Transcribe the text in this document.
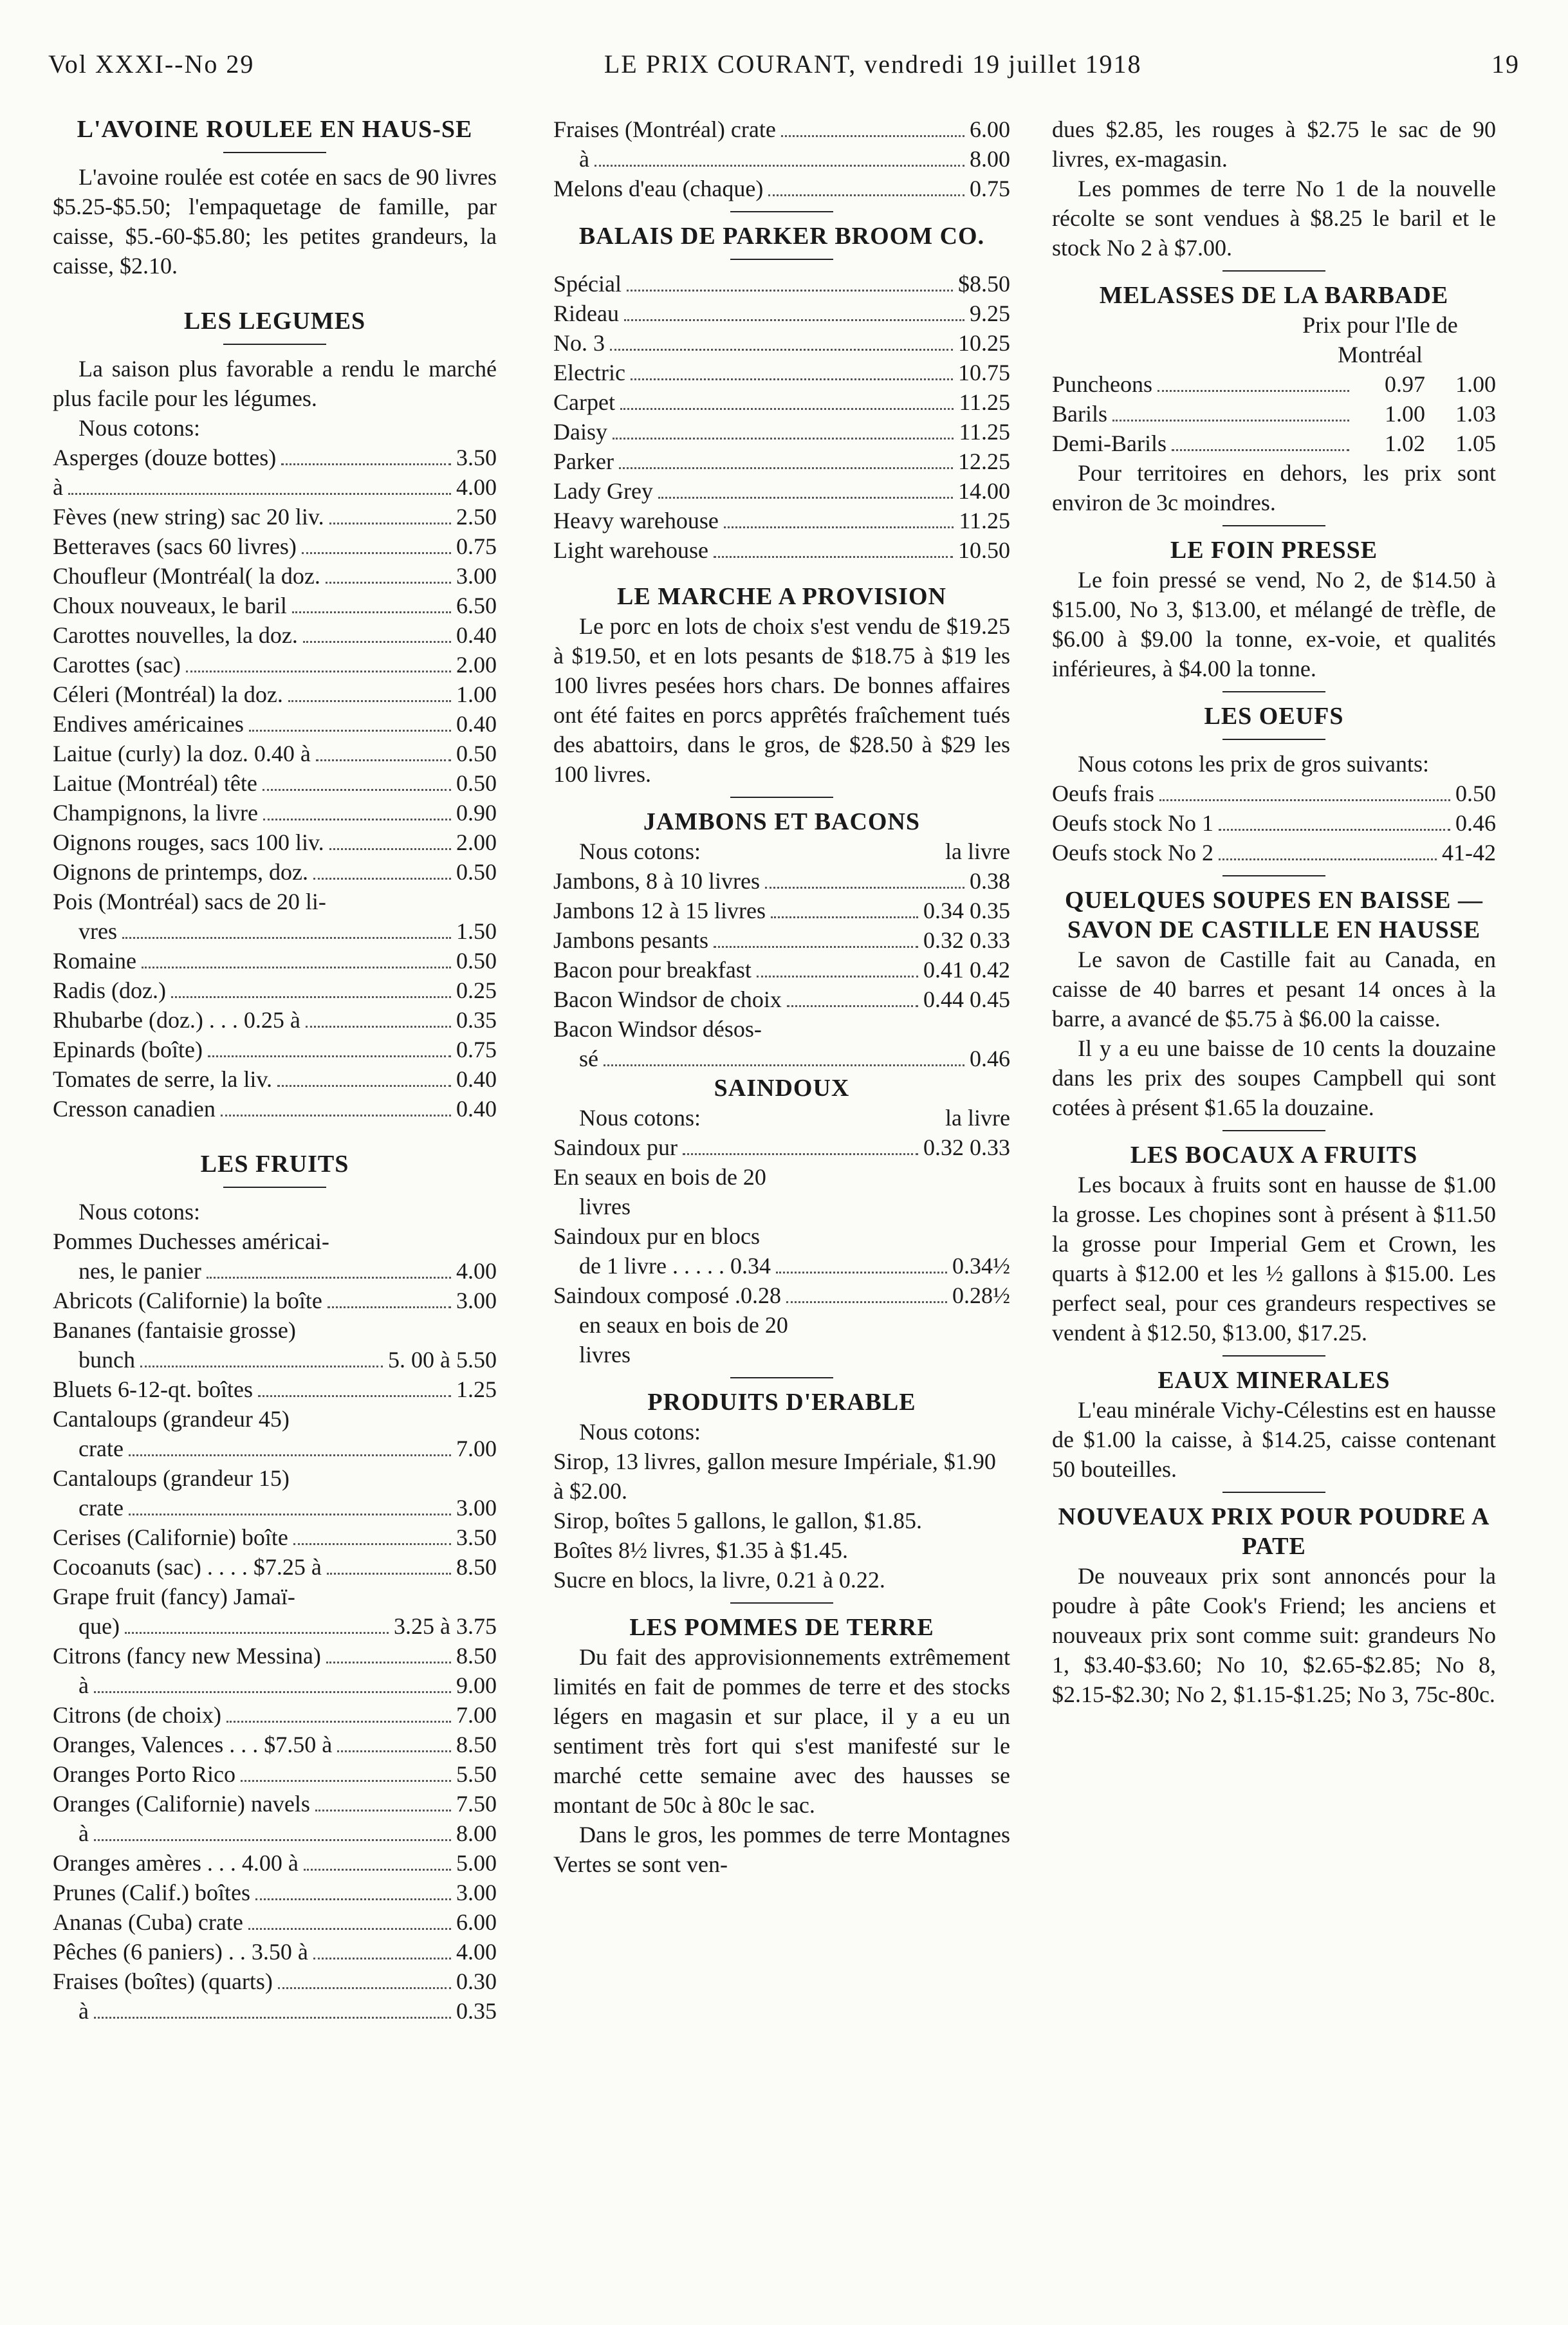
Vol XXXI--No 29	LE PRIX COURANT, vendredi 19 juillet 1918	19
L'AVOINE ROULEE EN HAUS-SE

L'avoine roulée est cotée en sacs de 90 livres $5.25-$5.50; l'empaquetage de famille, par caisse, $5.-60-$5.80; les petites grandeurs, la caisse, $2.10.

LES LEGUMES

La saison plus favorable a rendu le marché plus facile pour les légumes.

Nous cotons:

Asperges (douze bottes)	3.50
à	4.00
Fèves (new string) sac 20 liv.	2.50
Betteraves (sacs 60 livres)	0.75
Choufleur (Montréal( la doz.	3.00
Choux nouveaux, le baril	6.50
Carottes nouvelles, la doz.	0.40
Carottes (sac)	2.00
Céleri (Montréal) la doz.	1.00
Endives américaines	0.40
Laitue (curly) la doz. 0.40 à	0.50
Laitue (Montréal) tête	0.50
Champignons, la livre	0.90
Oignons rouges, sacs 100 liv.	2.00
Oignons de printemps, doz.	0.50
Pois (Montréal) sacs de 20 li-
vres	1.50
Romaine	0.50
Radis (doz.)	0.25
Rhubarbe (doz.) . . . 0.25 à	0.35
Epinards (boîte)	0.75
Tomates de serre, la liv.	0.40
Cresson canadien	0.40
LES FRUITS

Nous cotons:

Pommes Duchesses américai-
nes, le panier	4.00
Abricots (Californie) la boîte	3.00
Bananes (fantaisie grosse)
bunch	5. 00 à 5.50
Bluets 6-12-qt. boîtes	1.25
Cantaloups (grandeur 45)
crate	7.00
Cantaloups (grandeur 15)
crate	3.00
Cerises (Californie) boîte	3.50
Cocoanuts (sac) . . . . $7.25 à	8.50
Grape fruit (fancy) Jamaï-
que)	3.25 à 3.75
Citrons (fancy new Messina)	8.50
à	9.00
Citrons (de choix)	7.00
Oranges, Valences . . . $7.50 à	8.50
Oranges Porto Rico	5.50
Oranges (Californie) navels	7.50
à	8.00
Oranges amères . . . 4.00 à	5.00
Prunes (Calif.) boîtes	3.00
Ananas (Cuba) crate	6.00
Pêches (6 paniers) . . 3.50 à	4.00
Fraises (boîtes) (quarts)	0.30
à	0.35
Fraises (Montréal) crate	6.00
à	8.00
Melons d'eau (chaque)	0.75
BALAIS DE PARKER BROOM CO.
Spécial	$8.50
Rideau	9.25
No. 3	10.25
Electric	10.75
Carpet	11.25
Daisy	11.25
Parker	12.25
Lady Grey	14.00
Heavy warehouse	11.25
Light warehouse	10.50
LE MARCHE A PROVISION

Le porc en lots de choix s'est vendu de $19.25 à $19.50, et en lots pesants de $18.75 à $19 les 100 livres pesées hors chars. De bonnes affaires ont été faites en porcs apprêtés fraîchement tués des abattoirs, dans le gros, de $28.50 à $29 les 100 livres.

JAMBONS ET BACONS
Nous cotons:	la livre
Jambons, 8 à 10 livres	0.38
Jambons 12 à 15 livres	0.34 0.35
Jambons pesants	0.32 0.33
Bacon pour breakfast	0.41 0.42
Bacon Windsor de choix	0.44 0.45
Bacon Windsor désos-
sé	0.46
SAINDOUX
Nous cotons:	la livre
Saindoux pur	0.32 0.33
En seaux en bois de 20
livres
Saindoux pur en blocs
de 1 livre . . . . . 0.34	0.34½
Saindoux composé .0.28	0.28½
en seaux en bois de 20
livres
PRODUITS D'ERABLE

Nous cotons:

Sirop, 13 livres, gallon mesure Impériale, $1.90 à $2.00.

Sirop, boîtes 5 gallons, le gallon, $1.85.

Boîtes 8½ livres, $1.35 à $1.45.

Sucre en blocs, la livre, 0.21 à 0.22.

LES POMMES DE TERRE

Du fait des approvisionnements extrêmement limités en fait de pommes de terre et des stocks légers en magasin et sur place, il y a eu un sentiment très fort qui s'est manifesté sur le marché cette semaine avec des hausses se montant de 50c à 80c le sac.

Dans le gros, les pommes de terre Montagnes Vertes se sont ven-

dues $2.85, les rouges à $2.75 le sac de 90 livres, ex-magasin.

Les pommes de terre No 1 de la nouvelle récolte se sont vendues à $8.25 le baril et le stock No 2 à $7.00.

MELASSES DE LA BARBADE

Prix pour l'Ile de Montréal

Puncheons	0.97 1.00
Barils	1.00 1.03
Demi-Barils	1.02 1.05

Pour territoires en dehors, les prix sont environ de 3c moindres.

LE FOIN PRESSE

Le foin pressé se vend, No 2, de $14.50 à $15.00, No 3, $13.00, et mélangé de trèfle, de $6.00 à $9.00 la tonne, ex-voie, et qualités inférieures, à $4.00 la tonne.

LES OEUFS

Nous cotons les prix de gros suivants:

Oeufs frais	0.50
Oeufs stock No 1	0.46
Oeufs stock No 2	41-42
QUELQUES SOUPES EN BAISSE — SAVON DE CASTILLE EN HAUSSE

Le savon de Castille fait au Canada, en caisse de 40 barres et pesant 14 onces à la barre, a avancé de $5.75 à $6.00 la caisse.

Il y a eu une baisse de 10 cents la douzaine dans les prix des soupes Campbell qui sont cotées à présent $1.65 la douzaine.

LES BOCAUX A FRUITS

Les bocaux à fruits sont en hausse de $1.00 la grosse. Les chopines sont à présent à $11.50 la grosse pour Imperial Gem et Crown, les quarts à $12.00 et les ½ gallons à $15.00. Les perfect seal, pour ces grandeurs respectives se vendent à $12.50, $13.00, $17.25.

EAUX MINERALES

L'eau minérale Vichy-Célestins est en hausse de $1.00 la caisse, à $14.25, caisse contenant 50 bouteilles.

NOUVEAUX PRIX POUR POUDRE A PATE

De nouveaux prix sont annoncés pour la poudre à pâte Cook's Friend; les anciens et nouveaux prix sont comme suit: grandeurs No 1, $3.40-$3.60; No 10, $2.65-$2.85; No 8, $2.15-$2.30; No 2, $1.15-$1.25; No 3, 75c-80c.
